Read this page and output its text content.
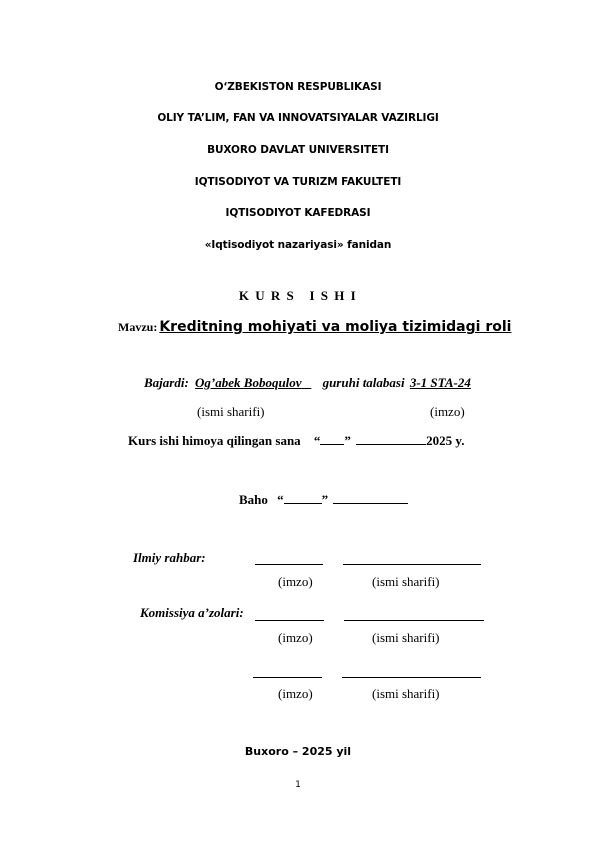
O‘ZBEKISTON RESPUBLIKASI
OLIY TA’LIM, FAN VA INNOVATSIYALAR VAZIRLIGI
BUXORO DAVLAT UNIVERSITETI
IQTISODIYOT VA TURIZM FAKULTETI
IQTISODIYOT KAFEDRASI
«Iqtisodiyot nazariyasi» fanidan
K U R S   I S H I
Mavzu: Kreditning mohiyati va moliya tizimidagi roli
Bajardi: Og’abek Boboqulov guruhi talabasi 3-1 STA-24
(ismi sharifi)	(imzo)
Kurs ishi himoya qilingan sana “ ”	2025 y.
Baho “	”
Ilmiy rahbar:
(imzo)	(ismi sharifi)
Komissiya a’zolari:
(imzo)	(ismi sharifi)
(imzo)	(ismi sharifi)
Buxoro – 2025 yil
1
